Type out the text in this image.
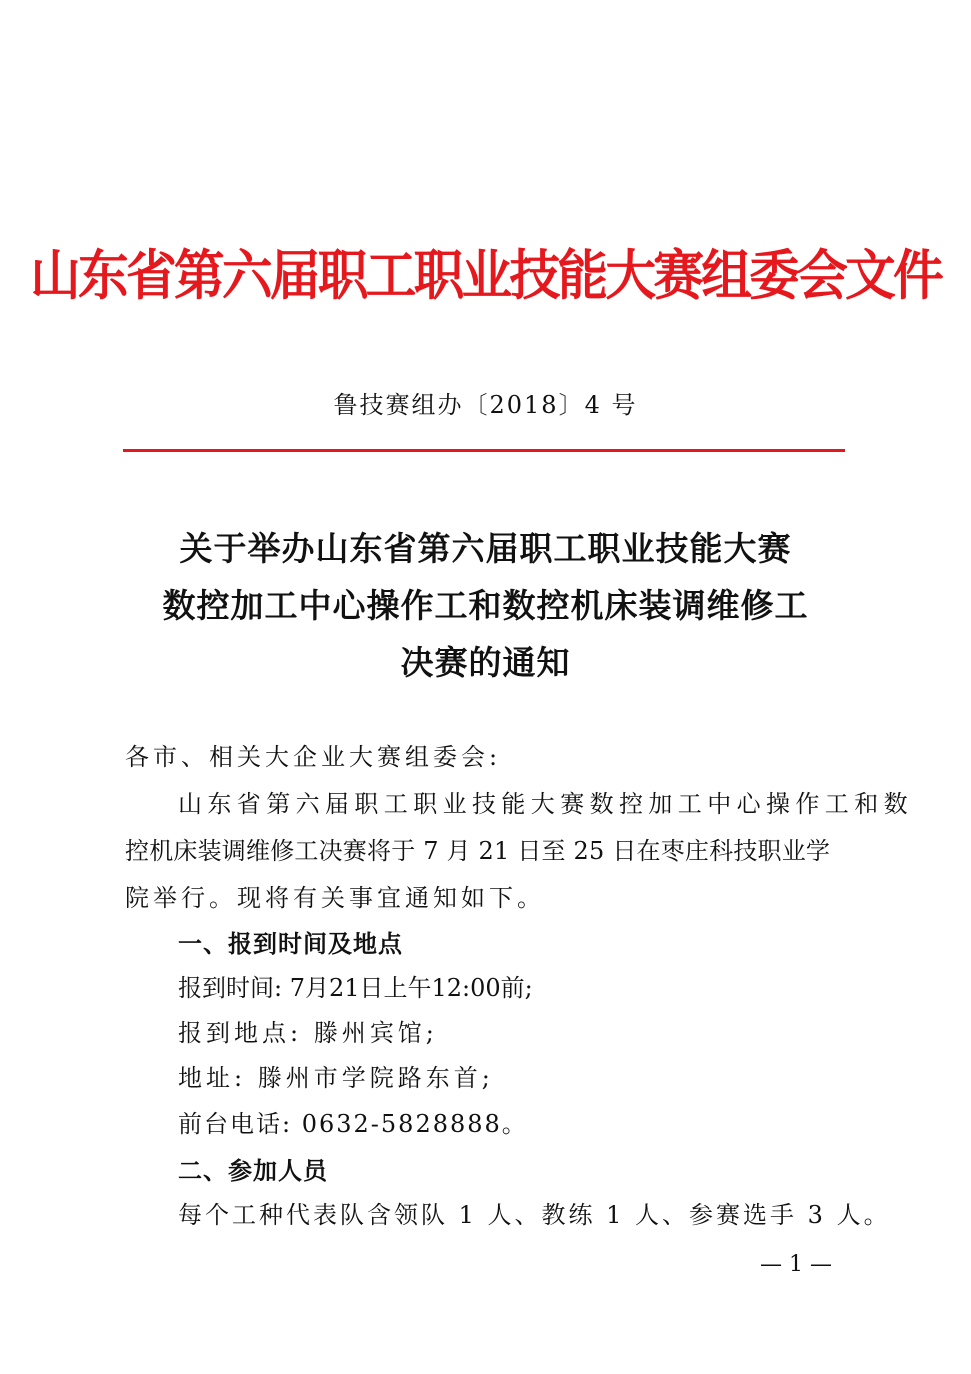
山东省第六届职工职业技能大赛组委会文件
鲁技赛组办〔2018〕4 号
关于举办山东省第六届职工职业技能大赛
数控加工中心操作工和数控机床装调维修工
决赛的通知
各市、相关大企业大赛组委会:
山东省第六届职工职业技能大赛数控加工中心操作工和数
控机床装调维修工决赛将于 7 月 21 日至 25 日在枣庄科技职业学
院举行。现将有关事宜通知如下。
一、报到时间及地点
报到时间: 7月21日上午12:00前;
报到地点: 滕州宾馆;
地址: 滕州市学院路东首;
前台电话: 0632-5828888。
二、参加人员
每个工种代表队含领队 1 人、教练 1 人、参赛选手 3 人。
— 1 —
